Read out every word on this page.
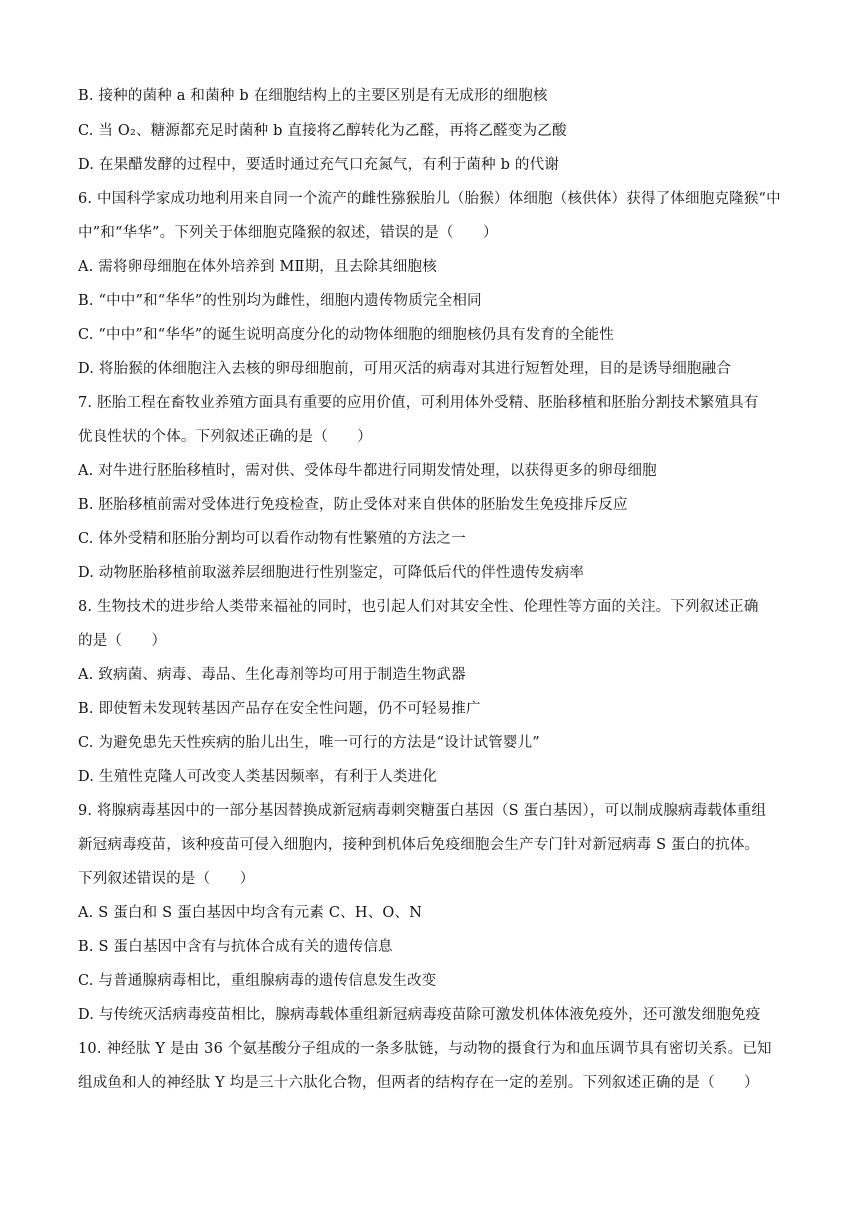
B. 接种的菌种 a 和菌种 b 在细胞结构上的主要区别是有无成形的细胞核
C. 当 O₂、糖源都充足时菌种 b 直接将乙醇转化为乙醛，再将乙醛变为乙酸
D. 在果醋发酵的过程中，要适时通过充气口充氮气，有利于菌种 b 的代谢
6. 中国科学家成功地利用来自同一个流产的雌性猕猴胎儿（胎猴）体细胞（核供体）获得了体细胞克隆猴“中
中”和“华华”。下列关于体细胞克隆猴的叙述，错误的是（　　）
A. 需将卵母细胞在体外培养到 MⅡ期，且去除其细胞核
B. “中中”和“华华”的性别均为雌性，细胞内遗传物质完全相同
C. “中中”和“华华”的诞生说明高度分化的动物体细胞的细胞核仍具有发育的全能性
D. 将胎猴的体细胞注入去核的卵母细胞前，可用灭活的病毒对其进行短暂处理，目的是诱导细胞融合
7. 胚胎工程在畜牧业养殖方面具有重要的应用价值，可利用体外受精、胚胎移植和胚胎分割技术繁殖具有
优良性状的个体。下列叙述正确的是（　　）
A. 对牛进行胚胎移植时，需对供、受体母牛都进行同期发情处理，以获得更多的卵母细胞
B. 胚胎移植前需对受体进行免疫检查，防止受体对来自供体的胚胎发生免疫排斥反应
C. 体外受精和胚胎分割均可以看作动物有性繁殖的方法之一
D. 动物胚胎移植前取滋养层细胞进行性别鉴定，可降低后代的伴性遗传发病率
8. 生物技术的进步给人类带来福祉的同时，也引起人们对其安全性、伦理性等方面的关注。下列叙述正确
的是（　　）
A. 致病菌、病毒、毒品、生化毒剂等均可用于制造生物武器
B. 即使暂未发现转基因产品存在安全性问题，仍不可轻易推广
C. 为避免患先天性疾病的胎儿出生，唯一可行的方法是“设计试管婴儿”
D. 生殖性克隆人可改变人类基因频率，有利于人类进化
9. 将腺病毒基因中的一部分基因替换成新冠病毒刺突糖蛋白基因（S 蛋白基因），可以制成腺病毒载体重组
新冠病毒疫苗，该种疫苗可侵入细胞内，接种到机体后免疫细胞会生产专门针对新冠病毒 S 蛋白的抗体。
下列叙述错误的是（　　）
A. S 蛋白和 S 蛋白基因中均含有元素 C、H、O、N
B. S 蛋白基因中含有与抗体合成有关的遗传信息
C. 与普通腺病毒相比，重组腺病毒的遗传信息发生改变
D. 与传统灭活病毒疫苗相比，腺病毒载体重组新冠病毒疫苗除可激发机体体液免疫外，还可激发细胞免疫
10. 神经肽 Y 是由 36 个氨基酸分子组成的一条多肽链，与动物的摄食行为和血压调节具有密切关系。已知
组成鱼和人的神经肽 Y 均是三十六肽化合物，但两者的结构存在一定的差别。下列叙述正确的是（　　）
